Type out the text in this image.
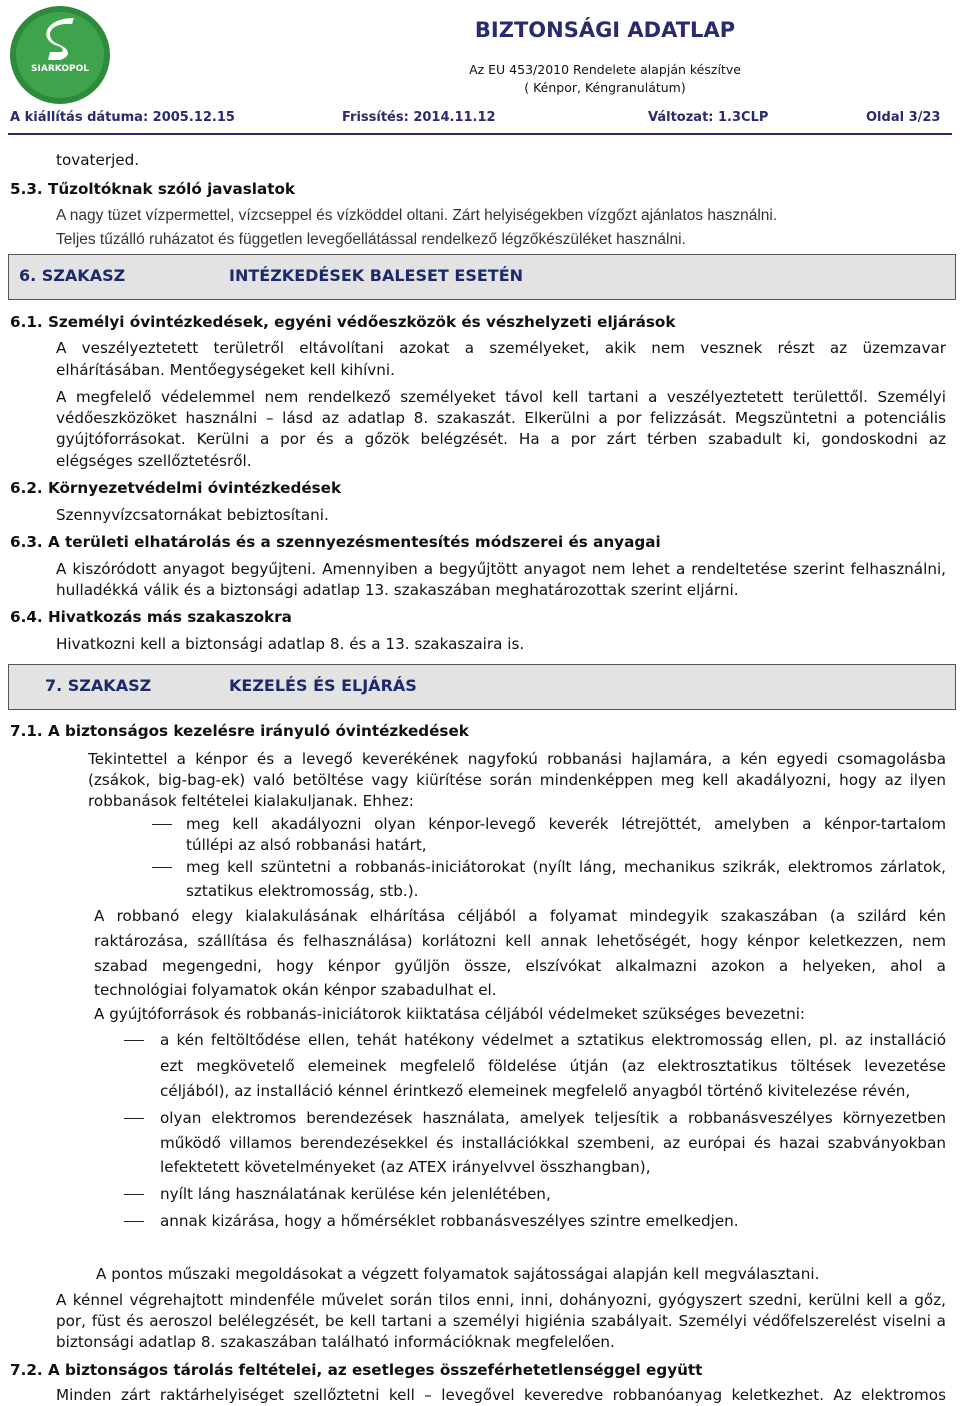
SIARKOPOL
BIZTONSÁGI ADATLAP
Az EU 453/2010 Rendelete alapján készítve
( Kénpor, Kéngranulátum)
A kiállítás dátuma: 2005.12.15	Frissítés: 2014.11.12	Változat: 1.3CLP	Oldal 3/23
tovaterjed.
5.3. Tűzoltóknak szóló javaslatok
A nagy tüzet vízpermettel, vízcseppel és vízköddel oltani. Zárt helyiségekben vízgőzt ajánlatos használni.
Teljes tűzálló ruházatot és független levegőellátással rendelkező légzőkészüléket használni.
6. SZAKASZ	INTÉZKEDÉSEK BALESET ESETÉN
6.1. Személyi óvintézkedések, egyéni védőeszközök és vészhelyzeti eljárások
A veszélyeztetett területről eltávolítani azokat a személyeket, akik nem vesznek részt az üzemzavar
elhárításában. Mentőegységeket kell kihívni.
A megfelelő védelemmel nem rendelkező személyeket távol kell tartani a veszélyeztetett területtől. Személyi
védőeszközöket használni – lásd az adatlap 8. szakaszát. Elkerülni a por felizzását. Megszüntetni a potenciális
gyújtóforrásokat. Kerülni a por és a gőzök belégzését. Ha a por zárt térben szabadult ki, gondoskodni az
elégséges szellőztetésről.
6.2. Környezetvédelmi óvintézkedések
Szennyvízcsatornákat bebiztosítani.
6.3. A területi elhatárolás és a szennyezésmentesítés módszerei és anyagai
A kiszóródott anyagot begyűjteni. Amennyiben a begyűjtött anyagot nem lehet a rendeltetése szerint felhasználni,
hulladékká válik és a biztonsági adatlap 13. szakaszában meghatározottak szerint eljárni.
6.4. Hivatkozás más szakaszokra
Hivatkozni kell a biztonsági adatlap 8. és a 13. szakaszaira is.
7. SZAKASZ	KEZELÉS ÉS ELJÁRÁS
7.1. A biztonságos kezelésre irányuló óvintézkedések
Tekintettel a kénpor és a levegő keverékének nagyfokú robbanási hajlamára, a kén egyedi csomagolásba
(zsákok, big-bag-ek) való betöltése vagy kiürítése során mindenképpen meg kell akadályozni, hogy az ilyen
robbanások feltételei kialakuljanak. Ehhez:
meg kell akadályozni olyan kénpor-levegő keverék létrejöttét, amelyben a kénpor-tartalom
túllépi az alsó robbanási határt,
meg kell szüntetni a robbanás-iniciátorokat (nyílt láng, mechanikus szikrák, elektromos zárlatok,
sztatikus elektromosság, stb.).
A robbanó elegy kialakulásának elhárítása céljából a folyamat mindegyik szakaszában (a szilárd kén
raktározása, szállítása és felhasználása) korlátozni kell annak lehetőségét, hogy kénpor keletkezzen, nem
szabad megengedni, hogy kénpor gyűljön össze, elszívókat alkalmazni azokon a helyeken, ahol a
technológiai folyamatok okán kénpor szabadulhat el.
A gyújtóforrások és robbanás-iniciátorok kiiktatása céljából védelmeket szükséges bevezetni:
a kén feltöltődése ellen, tehát hatékony védelmet a sztatikus elektromosság ellen, pl. az installáció
ezt megkövetelő elemeinek megfelelő földelése útján (az elektrosztatikus töltések levezetése
céljából), az installáció kénnel érintkező elemeinek megfelelő anyagból történő kivitelezése révén,
olyan elektromos berendezések használata, amelyek teljesítik a robbanásveszélyes környezetben
működő villamos berendezésekkel és installációkkal szembeni, az európai és hazai szabványokban
lefektetett követelményeket (az ATEX irányelvvel összhangban),
nyílt láng használatának kerülése kén jelenlétében,
annak kizárása, hogy a hőmérséklet robbanásveszélyes szintre emelkedjen.
A pontos műszaki megoldásokat a végzett folyamatok sajátosságai alapján kell megválasztani.
A kénnel végrehajtott mindenféle művelet során tilos enni, inni, dohányozni, gyógyszert szedni, kerülni kell a gőz,
por, füst és aeroszol belélegzését, be kell tartani a személyi higiénia szabályait. Személyi védőfelszerelést viselni a
biztonsági adatlap 8. szakaszában található információknak megfelelően.
7.2. A biztonságos tárolás feltételei, az esetleges összeférhetetlenséggel együtt
Minden zárt raktárhelyiséget szellőztetni kell – levegővel keveredve robbanóanyag keletkezhet. Az elektromos
